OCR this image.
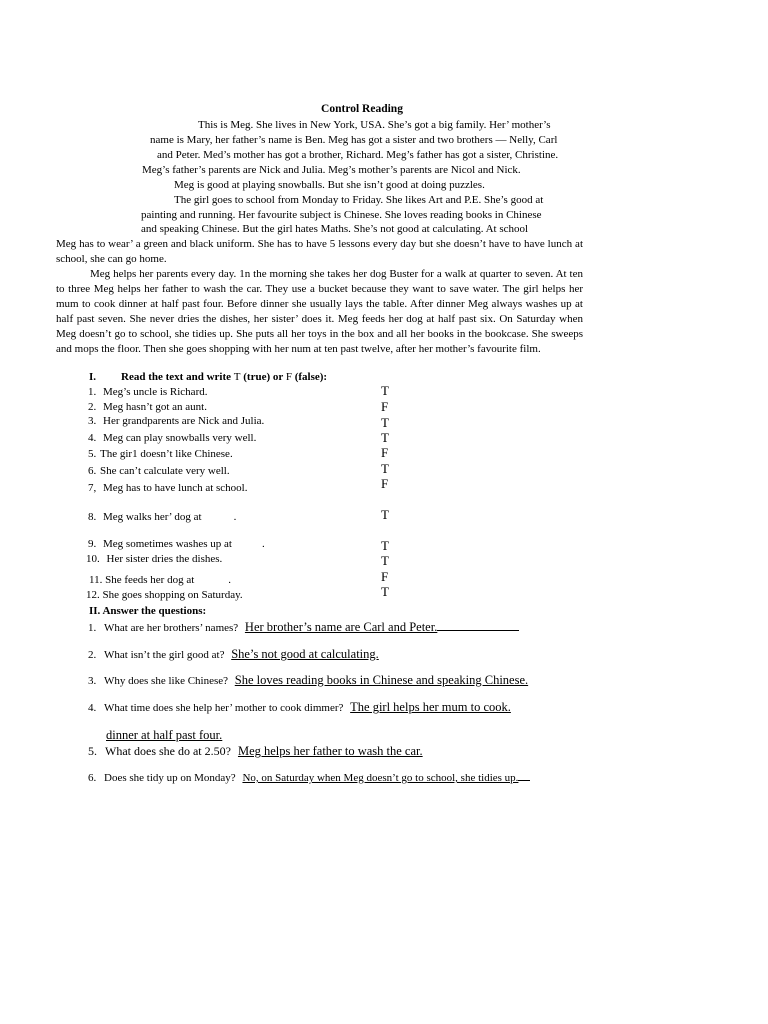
Control Reading
This is Meg. She lives in New York, USA. She’s got a big family. Her’ mother’s
name is Mary, her father’s name is Ben. Meg has got a sister and two brothers — Nelly, Carl
and Peter. Med’s mother has got a brother, Richard. Meg’s father has got a sister, Christine.
Meg’s father’s parents are Nick and Julia. Meg’s mother’s parents are Nicol and Nick.
Meg is good at playing snowballs. But she isn’t good at doing puzzles.
The girl goes to school from Monday to Friday. She likes Art and P.E. She’s good at
painting and running. Her favourite subject is Chinese. She loves reading books in Chinese
and speaking Chinese. But the girl hates Maths. She’s not good at calculating. At school

Meg has to wear’ a green and black uniform. She has to have 5 lessons every day but she doesn’t have to have lunch at school, she can go home.

Meg helps her parents every day. 1n the morning she takes her dog Buster for a walk at quarter to seven. At ten to three Meg helps her father to wash the car. They use a bucket because they want to save water. The girl helps her mum to cook dinner at half past four. Before dinner she usually lays the table. After dinner Meg always washes up at half past seven. She never dries the dishes, her sister’ does it. Meg feeds her dog at half past six. On Saturday when Meg doesn’t go to school, she tidies up. She puts all her toys in the box and all her books in the bookcase. She sweeps and mops the floor. Then she goes shopping with her num at ten past twelve, after her mother’s favourite film.

I. Read the text and write T (true) or F (false):
1. Meg’s uncle is Richard.	T
2. Meg hasn’t got an aunt.	F
3. Her grandparents are Nick and Julia.	T
4. Meg can play snowballs very well.	T
5. The gir1 doesn’t like Chinese.	F
6. She can’t calculate very well.	T
7, Meg has to have lunch at school.	F
8. Meg walks her’ dog at	.	T
9. Meg sometimes washes up at	.	T
10. Her sister dries the dishes.	T
11. She feeds her dog at	.	F
12. She goes shopping on Saturday.	T
II. Answer the questions:
1. What are her brothers’ names? Her brother’s name are Carl and Peter.
2. What isn’t the girl good at? She’s not good at calculating.
3. Why does she like Chinese? She loves reading books in Chinese and speaking Chinese.
4. What time does she help her’ mother to cook dimmer? The girl helps her mum to cook.
dinner at half past four.
5. What does she do at 2.50? Meg helps her father to wash the car.
6. Does she tidy up on Monday? No, on Saturday when Meg doesn’t go to school, she tidies up.
